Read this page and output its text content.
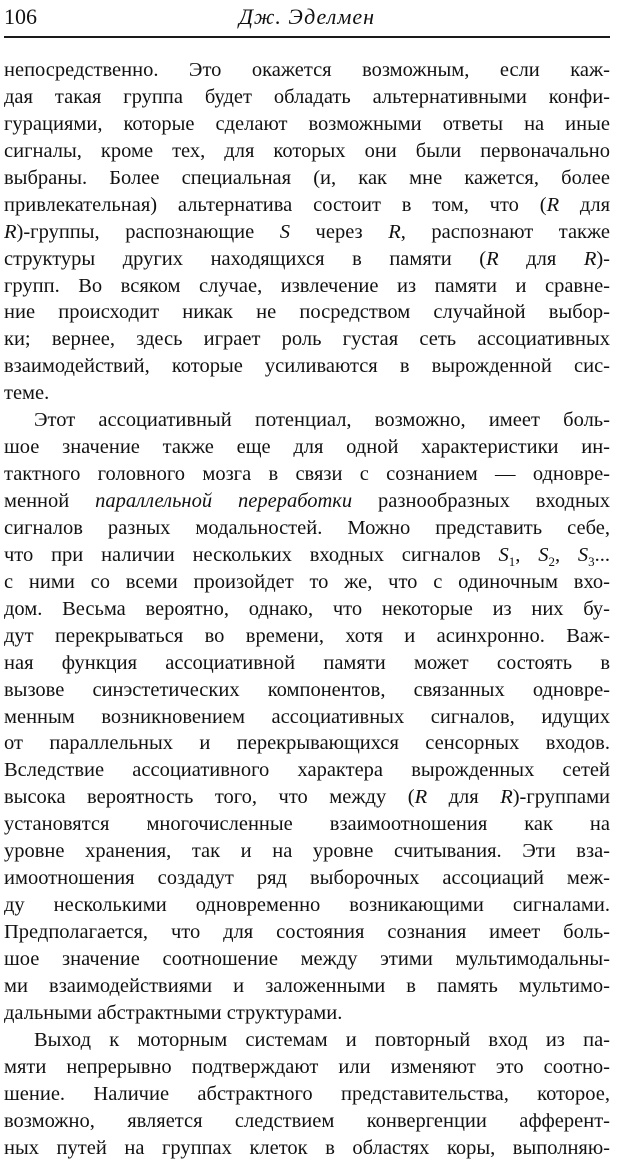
106	Дж. Эделмен
непосредственно. Это окажется возможным, если каж-
дая такая группа будет обладать альтернативными конфи-
гурациями, которые сделают возможными ответы на иные
сигналы, кроме тех, для которых они были первоначально
выбраны. Более специальная (и, как мне кажется, более
привлекательная) альтернатива состоит в том, что (R для
R)-группы, распознающие S через R, распознают также
структуры других находящихся в памяти (R для R)-
групп. Во всяком случае, извлечение из памяти и сравне-
ние происходит никак не посредством случайной выбор-
ки; вернее, здесь играет роль густая сеть ассоциативных
взаимодействий, которые усиливаются в вырожденной сис-
теме.
Этот ассоциативный потенциал, возможно, имеет боль-
шое значение также еще для одной характеристики ин-
тактного головного мозга в связи с сознанием — одновре-
менной параллельной переработки разнообразных входных
сигналов разных модальностей. Можно представить себе,
что при наличии нескольких входных сигналов $S_1$, $S_2$, $S_3$...
с ними со всеми произойдет то же, что с одиночным вхо-
дом. Весьма вероятно, однако, что некоторые из них бу-
дут перекрываться во времени, хотя и асинхронно. Важ-
ная функция ассоциативной памяти может состоять в
вызове синэстетических компонентов, связанных одновре-
менным возникновением ассоциативных сигналов, идущих
от параллельных и перекрывающихся сенсорных входов.
Вследствие ассоциативного характера вырожденных сетей
высока вероятность того, что между (R для R)-группами
установятся многочисленные взаимоотношения как на
уровне хранения, так и на уровне считывания. Эти вза-
имоотношения создадут ряд выборочных ассоциаций меж-
ду несколькими одновременно возникающими сигналами.
Предполагается, что для состояния сознания имеет боль-
шое значение соотношение между этими мультимодальны-
ми взаимодействиями и заложенными в память мультимо-
дальными абстрактными структурами.
Выход к моторным системам и повторный вход из па-
мяти непрерывно подтверждают или изменяют это соотно-
шение. Наличие абстрактного представительства, которое,
возможно, является следствием конвергенции афферент-
ных путей на группах клеток в областях коры, выполняю-
